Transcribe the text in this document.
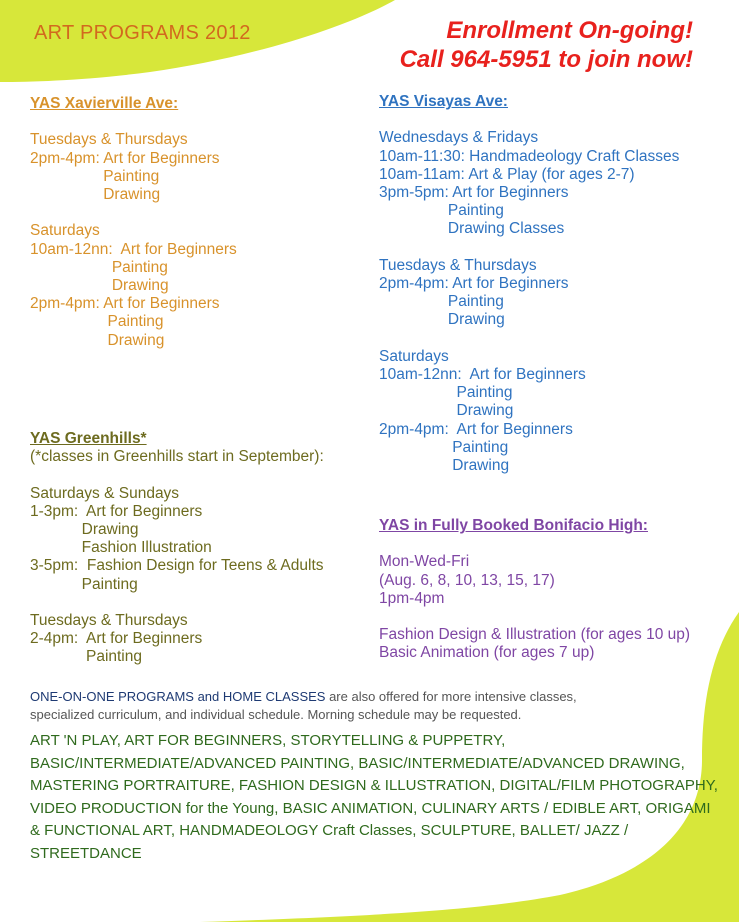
ART PROGRAMS 2012	Enrollment On-going!
Call 964-5951 to join now!
YAS Xavierville Ave:
Tuesdays & Thursdays
2pm-4pm: Art for Beginners
Painting
Drawing
Saturdays
10am-12nn:  Art for Beginners
Painting
Drawing
2pm-4pm: Art for Beginners
Painting
Drawing
YAS Greenhills*
(*classes in Greenhills start in September):
Saturdays & Sundays
1-3pm:  Art for Beginners
Drawing
Fashion Illustration
3-5pm:  Fashion Design for Teens & Adults
Painting
Tuesdays & Thursdays
2-4pm:  Art for Beginners
Painting
YAS Visayas Ave:
Wednesdays & Fridays
10am-11:30: Handmadeology Craft Classes
10am-11am: Art & Play (for ages 2-7)
3pm-5pm: Art for Beginners
Painting
Drawing Classes
Tuesdays & Thursdays
2pm-4pm: Art for Beginners
Painting
Drawing
Saturdays
10am-12nn:  Art for Beginners
Painting
Drawing
2pm-4pm:  Art for Beginners
Painting
Drawing
YAS in Fully Booked Bonifacio High:
Mon-Wed-Fri
(Aug. 6, 8, 10, 13, 15, 17)
1pm-4pm
Fashion Design & Illustration (for ages 10 up)
Basic Animation (for ages 7 up)
ONE-ON-ONE PROGRAMS and HOME CLASSES are also offered for more intensive classes,
specialized curriculum, and individual schedule. Morning schedule may be requested.
ART 'N PLAY, ART FOR BEGINNERS, STORYTELLING & PUPPETRY, BASIC/INTERMEDIATE/ADVANCED PAINTING, BASIC/INTERMEDIATE/ADVANCED DRAWING, MASTERING PORTRAITURE, FASHION DESIGN & ILLUSTRATION, DIGITAL/FILM PHOTOGRAPHY, VIDEO PRODUCTION for the Young, BASIC ANIMATION, CULINARY ARTS / EDIBLE ART, ORIGAMI & FUNCTIONAL ART, HANDMADEOLOGY Craft Classes, SCULPTURE, BALLET/ JAZZ / STREETDANCE
